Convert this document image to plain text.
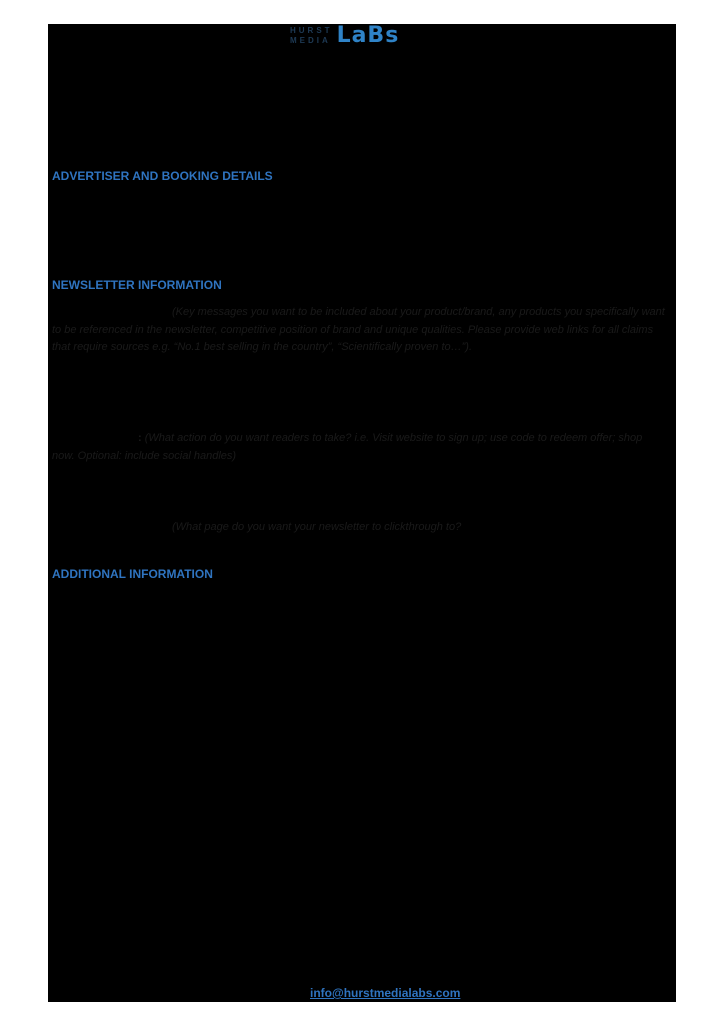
HURST
MEDIA LaBs
ADVERTISER AND BOOKING DETAILS
NEWSLETTER INFORMATION
(Key messages you want to be included about your product/brand, any products you specifically want to be referenced in the newsletter, competitive position of brand and unique qualities. Please provide web links for all claims that require sources e.g. “No.1 best selling in the country”, “Scientifically proven to…”).
: (What action do you want readers to take? i.e. Visit website to sign up; use code to redeem offer; shop now. Optional: include social handles)
(What page do you want your newsletter to clickthrough to?
ADDITIONAL INFORMATION
info@hurstmedialabs.com
